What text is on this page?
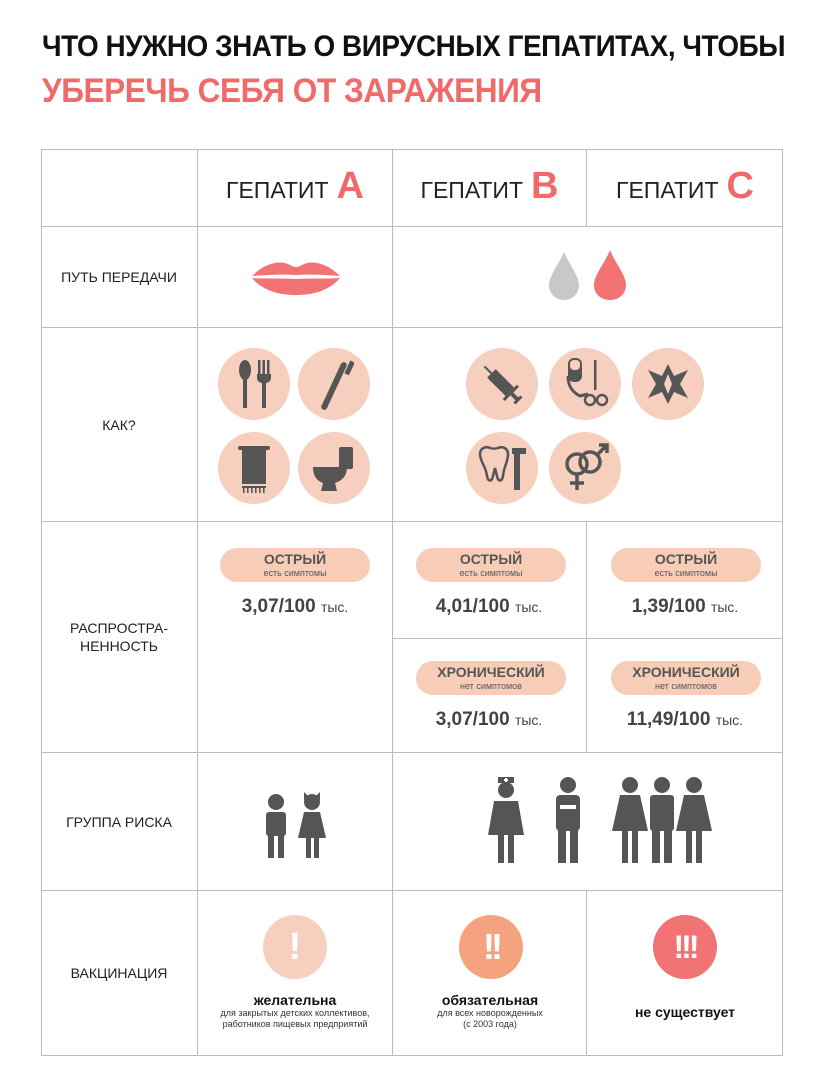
ЧТО НУЖНО ЗНАТЬ О ВИРУСНЫХ ГЕПАТИТАХ, ЧТОБЫ
УБЕРЕЧЬ СЕБЯ ОТ ЗАРАЖЕНИЯ
ГЕПАТИТ A ГЕПАТИТ B	ГЕПАТИТ C
ПУТЬ ПЕРЕДАЧИ
КАК?
РАСПРОСТРА-
НЕННОСТЬ
ГРУППА РИСКА
ВАКЦИНАЦИЯ
ОСТРЫЙ
есть симптомы
3,07/100 тыс.
ОСТРЫЙ
есть симптомы
4,01/100 тыс.
ОСТРЫЙ
есть симптомы
1,39/100 тыс.
ХРОНИЧЕСКИЙ
нет симптомов
3,07/100 тыс.
ХРОНИЧЕСКИЙ
нет симптомов
11,49/100 тыс.
!
желательна
для закрытых детских коллективов,
работников пищевых предприятий
!!
обязательная
для всех новорожденных
(с 2003 года)
!!!
не существует
